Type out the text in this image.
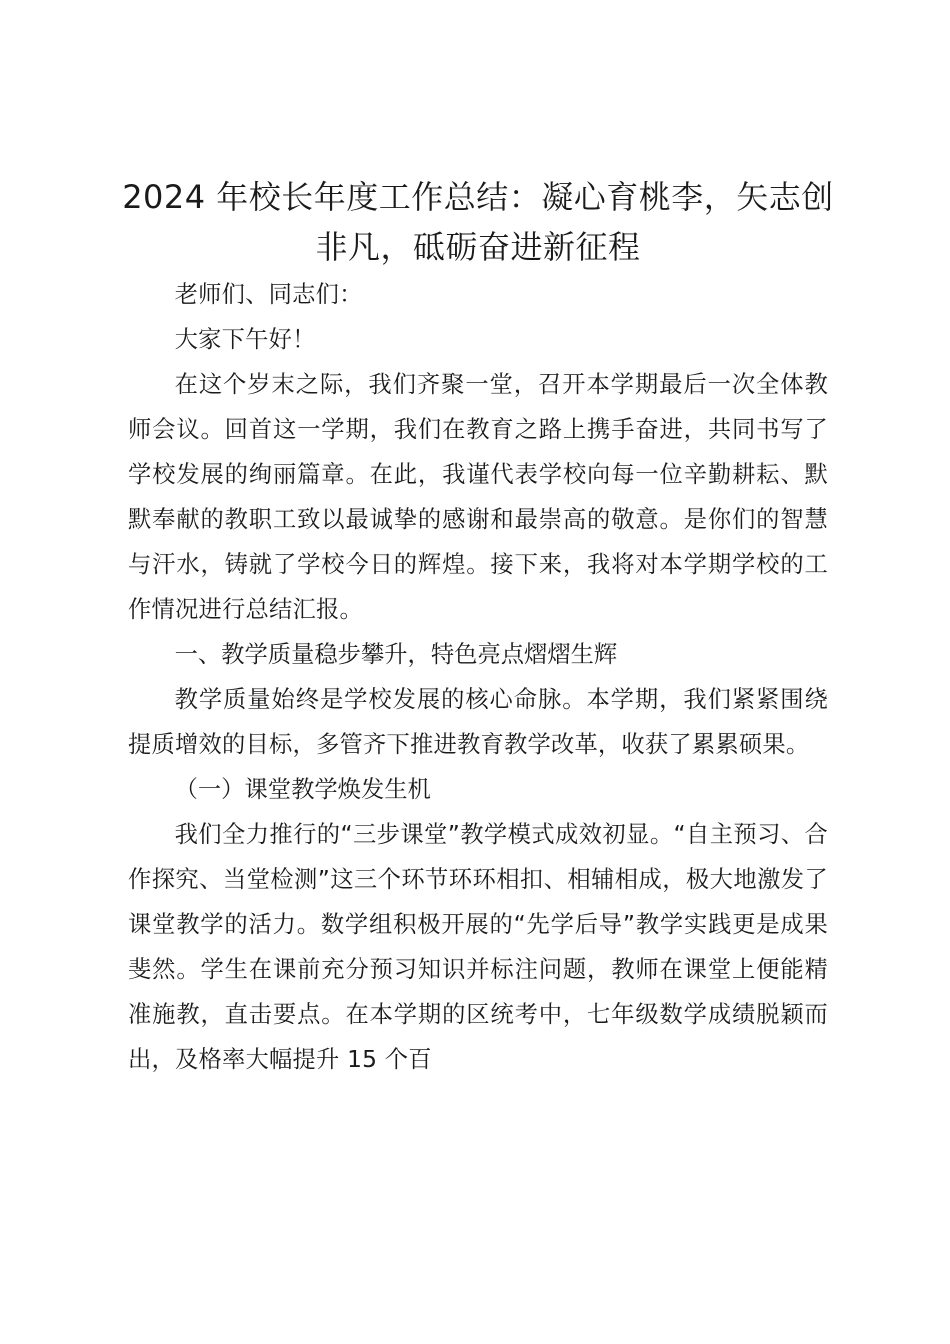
2024 年校长年度工作总结：凝心育桃李，矢志创非凡，砥砺奋进新征程

老师们、同志们：

大家下午好！

在这个岁末之际，我们齐聚一堂，召开本学期最后一次全体教师会议。回首这一学期，我们在教育之路上携手奋进，共同书写了学校发展的绚丽篇章。在此，我谨代表学校向每一位辛勤耕耘、默默奉献的教职工致以最诚挚的感谢和最崇高的敬意。是你们的智慧与汗水，铸就了学校今日的辉煌。接下来，我将对本学期学校的工作情况进行总结汇报。

一、教学质量稳步攀升，特色亮点熠熠生辉

教学质量始终是学校发展的核心命脉。本学期，我们紧紧围绕提质增效的目标，多管齐下推进教育教学改革，收获了累累硕果。

（一）课堂教学焕发生机

我们全力推行的“三步课堂”教学模式成效初显。“自主预习、合作探究、当堂检测”这三个环节环环相扣、相辅相成，极大地激发了课堂教学的活力。数学组积极开展的“先学后导”教学实践更是成果斐然。学生在课前充分预习知识并标注问题，教师在课堂上便能精准施教，直击要点。在本学期的区统考中，七年级数学成绩脱颖而出，及格率大幅提升 15 个百
